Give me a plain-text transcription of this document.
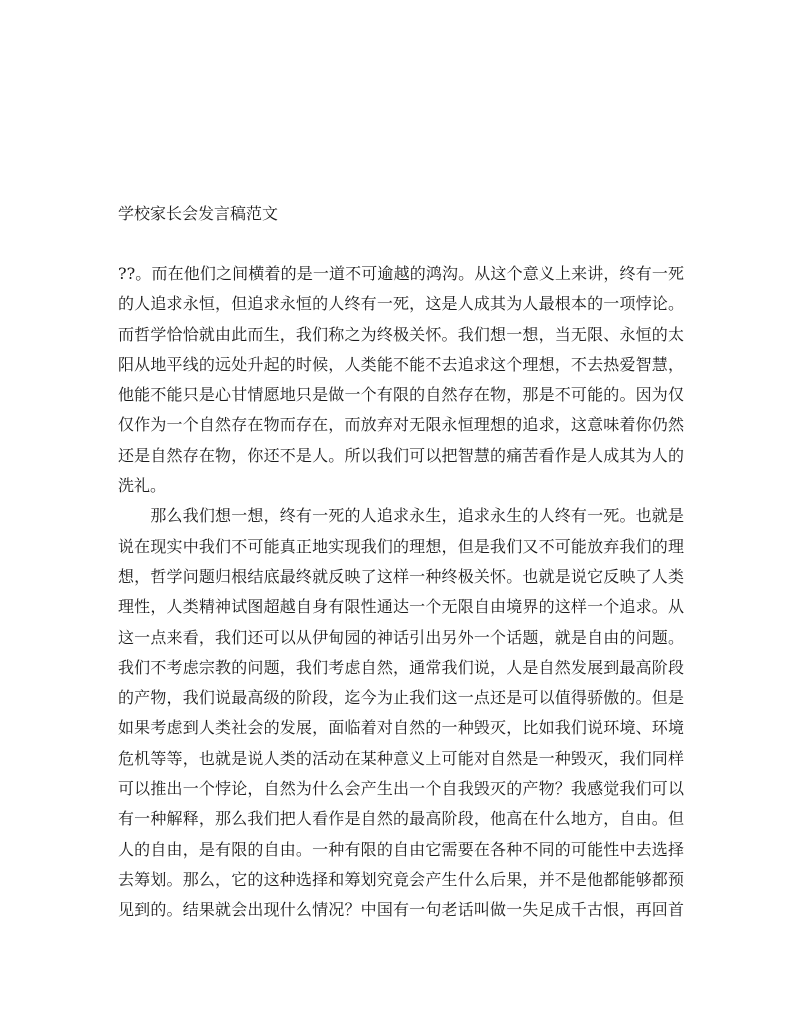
学校家长会发言稿范文
??。而在他们之间横着的是一道不可逾越的鸿沟。从这个意义上来讲，终有一死
的人追求永恒，但追求永恒的人终有一死，这是人成其为人最根本的一项悖论。
而哲学恰恰就由此而生，我们称之为终极关怀。我们想一想，当无限、永恒的太
阳从地平线的远处升起的时候，人类能不能不去追求这个理想，不去热爱智慧，
他能不能只是心甘情愿地只是做一个有限的自然存在物，那是不可能的。因为仅
仅作为一个自然存在物而存在，而放弃对无限永恒理想的追求，这意味着你仍然
还是自然存在物，你还不是人。所以我们可以把智慧的痛苦看作是人成其为人的
洗礼。
　　那么我们想一想，终有一死的人追求永生，追求永生的人终有一死。也就是
说在现实中我们不可能真正地实现我们的理想，但是我们又不可能放弃我们的理
想，哲学问题归根结底最终就反映了这样一种终极关怀。也就是说它反映了人类
理性，人类精神试图超越自身有限性通达一个无限自由境界的这样一个追求。从
这一点来看，我们还可以从伊甸园的神话引出另外一个话题，就是自由的问题。
我们不考虑宗教的问题，我们考虑自然，通常我们说，人是自然发展到最高阶段
的产物，我们说最高级的阶段，迄今为止我们这一点还是可以值得骄傲的。但是
如果考虑到人类社会的发展，面临着对自然的一种毁灭，比如我们说环境、环境
危机等等，也就是说人类的活动在某种意义上可能对自然是一种毁灭，我们同样
可以推出一个悖论，自然为什么会产生出一个自我毁灭的产物？我感觉我们可以
有一种解释，那么我们把人看作是自然的最高阶段，他高在什么地方，自由。但
人的自由，是有限的自由。一种有限的自由它需要在各种不同的可能性中去选择
去筹划。那么，它的这种选择和筹划究竟会产生什么后果，并不是他都能够都预
见到的。结果就会出现什么情况？中国有一句老话叫做一失足成千古恨，再回首
